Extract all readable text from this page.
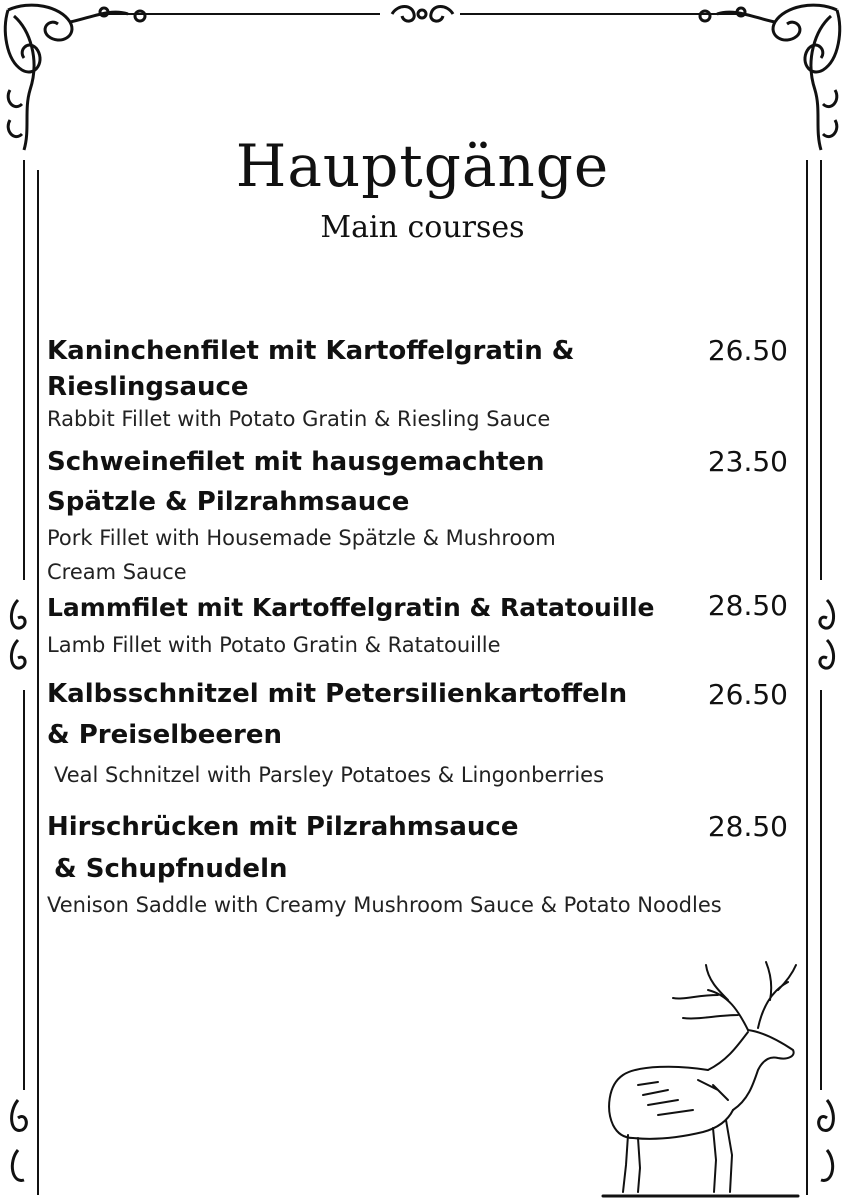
Hauptgänge
Main courses
Kaninchenfilet mit Kartoffelgratin &
Rieslingsauce
Rabbit Fillet with Potato Gratin & Riesling Sauce
26.50
Schweinefilet mit hausgemachten
Spätzle & Pilzrahmsauce
Pork Fillet with Housemade Spätzle & Mushroom
Cream Sauce
23.50
Lammfilet mit Kartoffelgratin & Ratatouille
Lamb Fillet with Potato Gratin & Ratatouille
28.50
Kalbsschnitzel mit Petersilienkartoffeln
& Preiselbeeren
Veal Schnitzel with Parsley Potatoes & Lingonberries
26.50
Hirschrücken mit Pilzrahmsauce
& Schupfnudeln
Venison Saddle with Creamy Mushroom Sauce & Potato Noodles
28.50
